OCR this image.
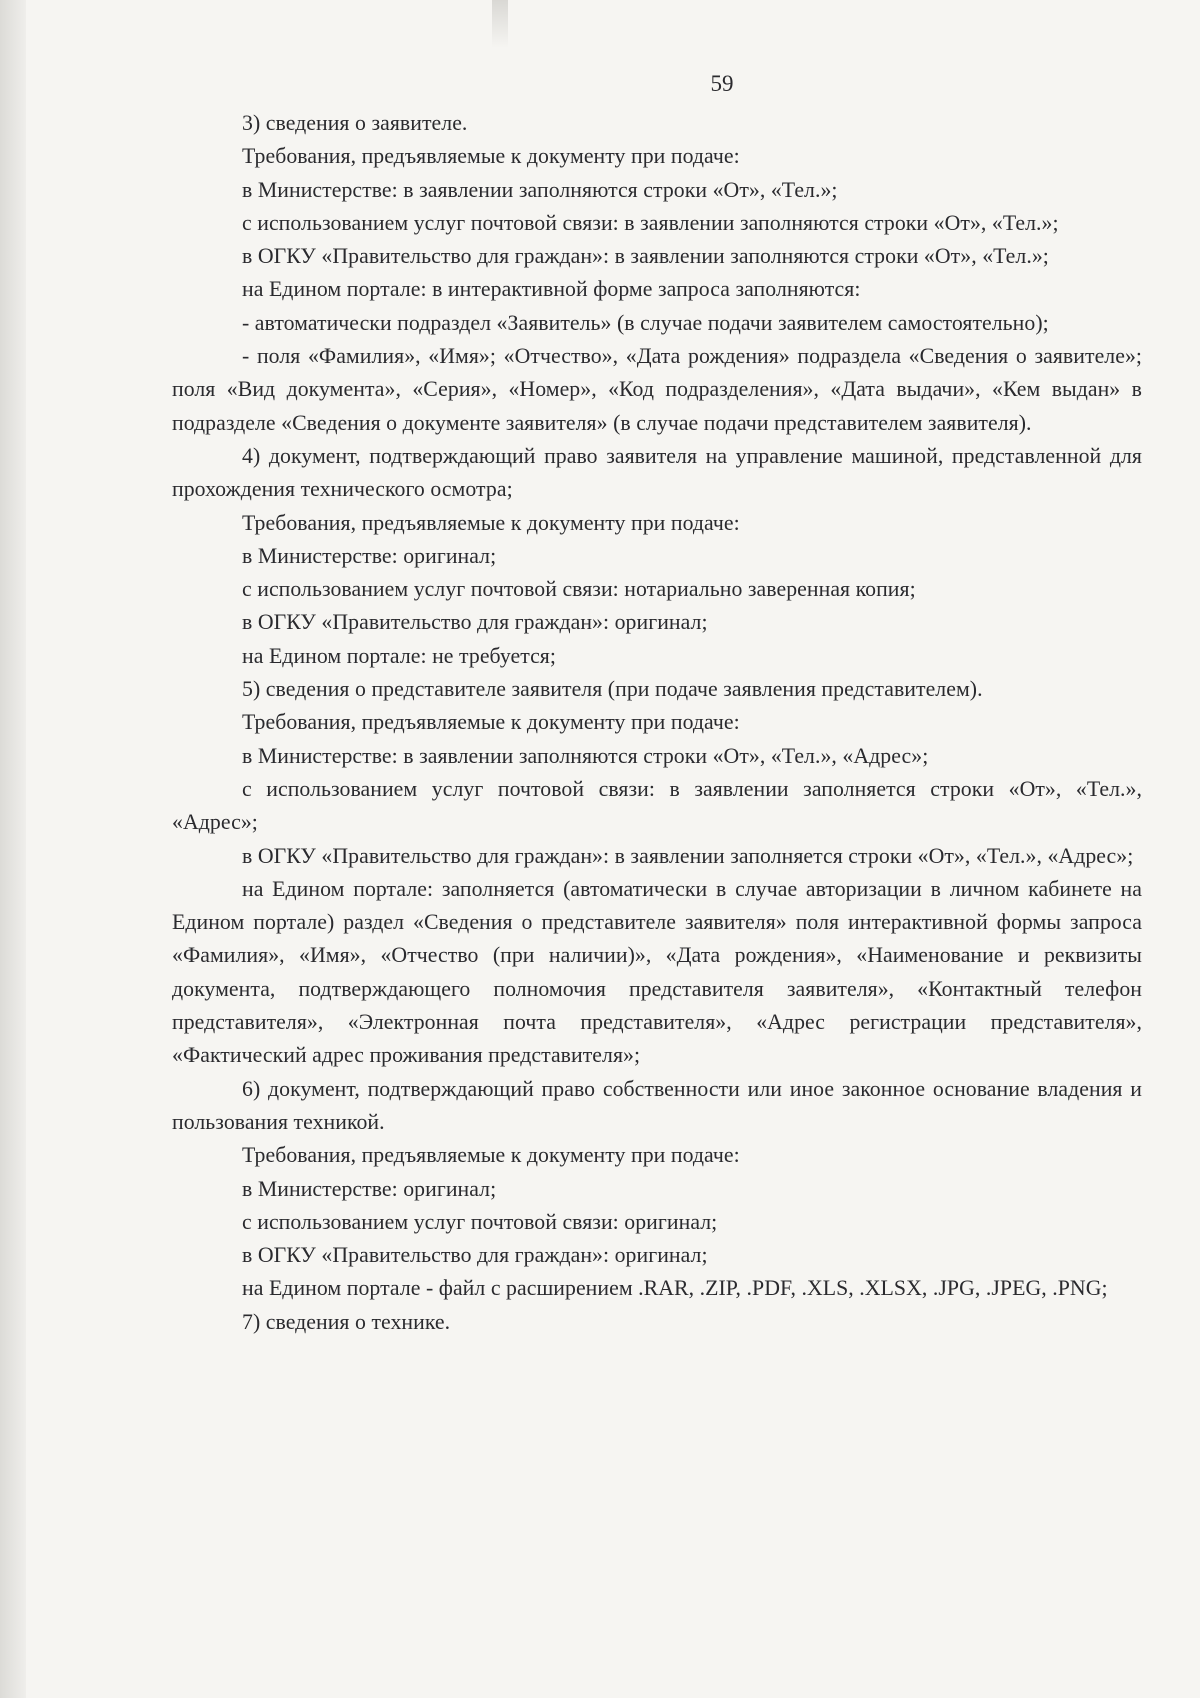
59

3) сведения о заявителе.

Требования, предъявляемые к документу при подаче:

в Министерстве: в заявлении заполняются строки «От», «Тел.»;

с использованием услуг почтовой связи: в заявлении заполняются строки «От», «Тел.»;

в ОГКУ «Правительство для граждан»: в заявлении заполняются строки «От», «Тел.»;

на Едином портале: в интерактивной форме запроса заполняются:

- автоматически подраздел «Заявитель» (в случае подачи заявителем самостоятельно);

- поля «Фамилия», «Имя»; «Отчество», «Дата рождения» подраздела «Сведения о заявителе»; поля «Вид документа», «Серия», «Номер», «Код подразделения», «Дата выдачи», «Кем выдан» в подразделе «Сведения о документе заявителя» (в случае подачи представителем заявителя).

4) документ, подтверждающий право заявителя на управление машиной, представленной для прохождения технического осмотра;

Требования, предъявляемые к документу при подаче:

в Министерстве: оригинал;

с использованием услуг почтовой связи: нотариально заверенная копия;

в ОГКУ «Правительство для граждан»: оригинал;

на Едином портале: не требуется;

5) сведения о представителе заявителя (при подаче заявления представителем).

Требования, предъявляемые к документу при подаче:

в Министерстве: в заявлении заполняются строки «От», «Тел.», «Адрес»;

с использованием услуг почтовой связи: в заявлении заполняется строки «От», «Тел.», «Адрес»;

в ОГКУ «Правительство для граждан»: в заявлении заполняется строки «От», «Тел.», «Адрес»;

на Едином портале: заполняется (автоматически в случае авторизации в личном кабинете на Едином портале) раздел «Сведения о представителе заявителя» поля интерактивной формы запроса «Фамилия», «Имя», «Отчество (при наличии)», «Дата рождения», «Наименование и реквизиты документа, подтверждающего полномочия представителя заявителя», «Контактный телефон представителя», «Электронная почта представителя», «Адрес регистрации представителя», «Фактический адрес проживания представителя»;

6) документ, подтверждающий право собственности или иное законное основание владения и пользования техникой.

Требования, предъявляемые к документу при подаче:

в Министерстве: оригинал;

с использованием услуг почтовой связи: оригинал;

в ОГКУ «Правительство для граждан»: оригинал;

на Едином портале - файл с расширением .RAR, .ZIP, .PDF, .XLS, .XLSX, .JPG, .JPEG, .PNG;

7) сведения о технике.
